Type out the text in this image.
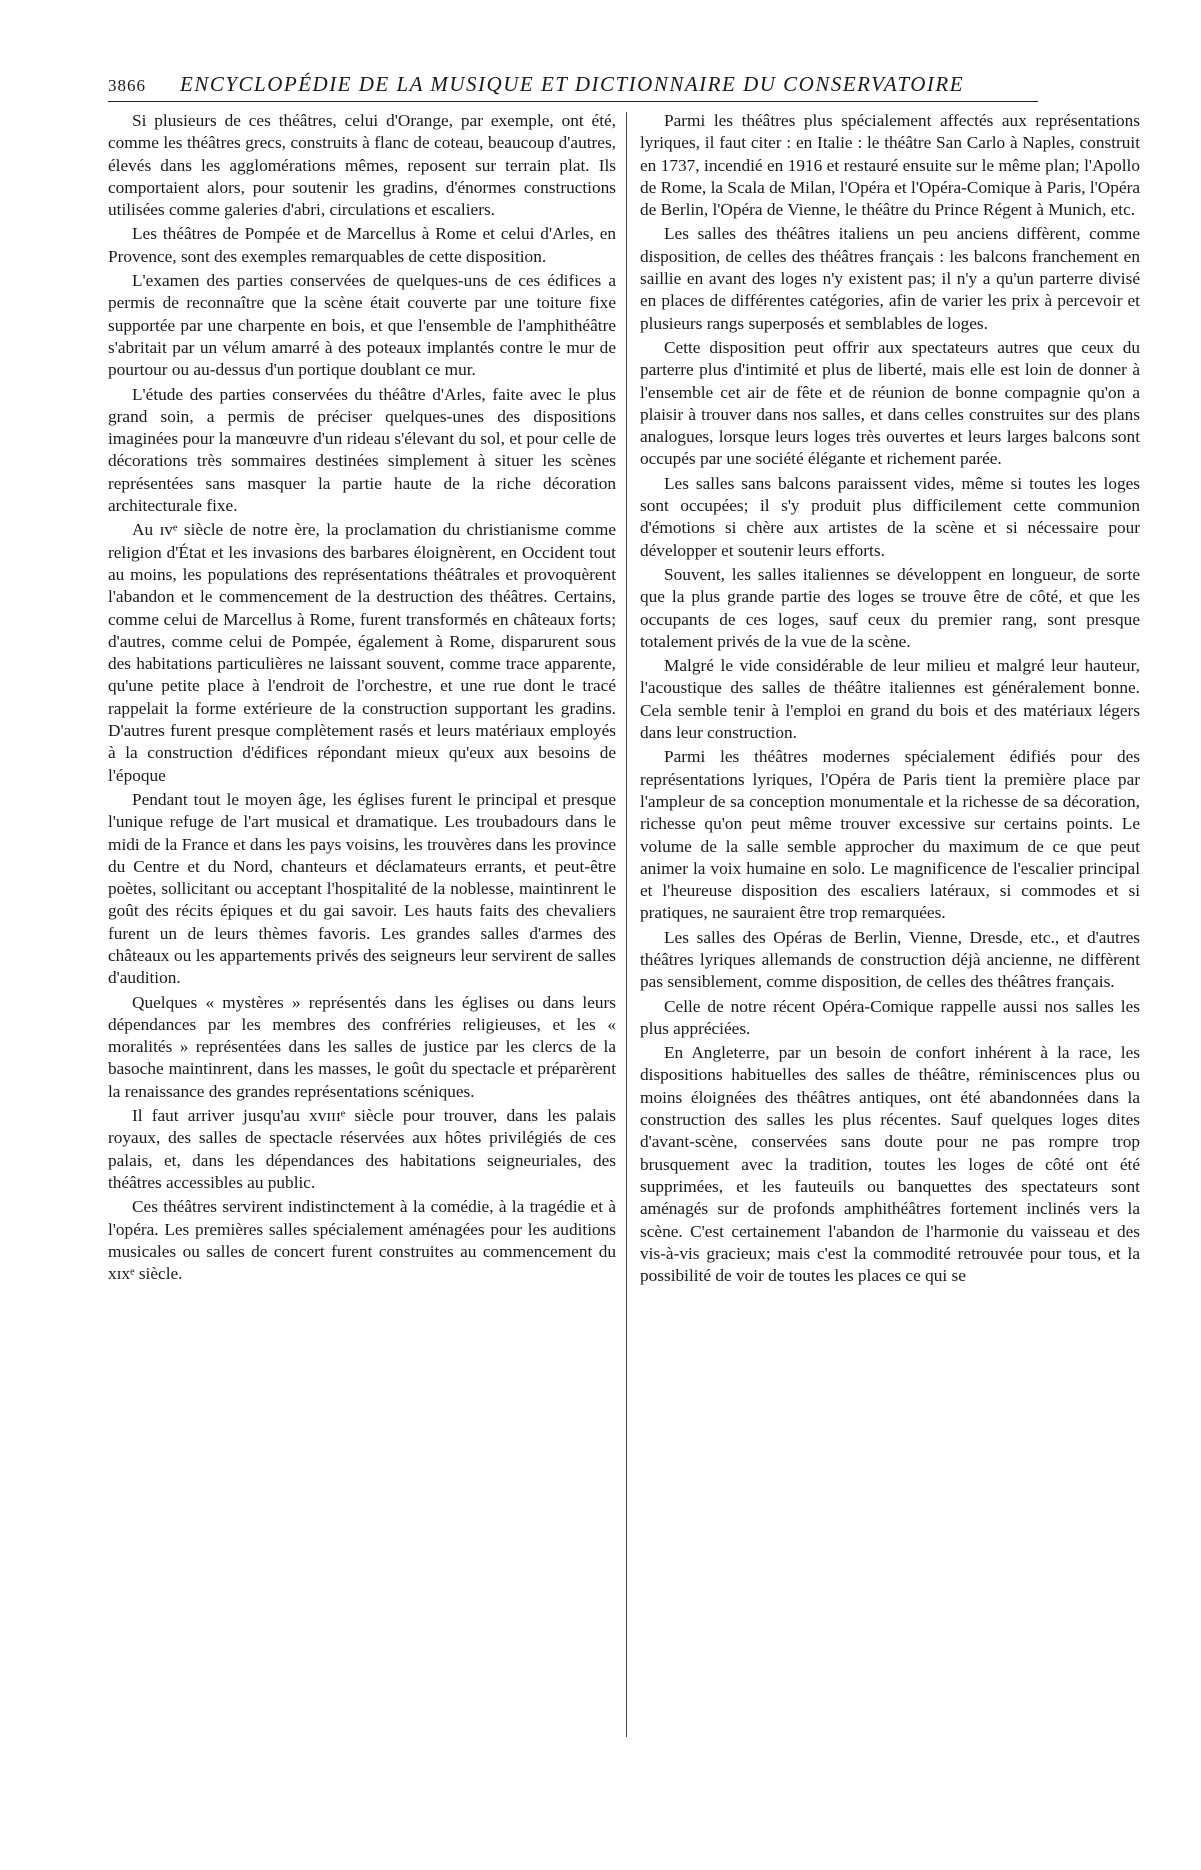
3866 ENCYCLOPÉDIE DE LA MUSIQUE ET DICTIONNAIRE DU CONSERVATOIRE

Si plusieurs de ces théâtres, celui d'Orange, par exemple, ont été, comme les théâtres grecs, construits à flanc de coteau, beaucoup d'autres, élevés dans les agglomérations mêmes, reposent sur terrain plat. Ils comportaient alors, pour soutenir les gradins, d'énormes constructions utilisées comme galeries d'abri, circulations et escaliers.

Les théâtres de Pompée et de Marcellus à Rome et celui d'Arles, en Provence, sont des exemples remarquables de cette disposition.

L'examen des parties conservées de quelques-uns de ces édifices a permis de reconnaître que la scène était couverte par une toiture fixe supportée par une charpente en bois, et que l'ensemble de l'amphithéâtre s'abritait par un vélum amarré à des poteaux implantés contre le mur de pourtour ou au-dessus d'un portique doublant ce mur.

L'étude des parties conservées du théâtre d'Arles, faite avec le plus grand soin, a permis de préciser quelques-unes des dispositions imaginées pour la manœuvre d'un rideau s'élevant du sol, et pour celle de décorations très sommaires destinées simplement à situer les scènes représentées sans masquer la partie haute de la riche décoration architecturale fixe.

Au ɪvᵉ siècle de notre ère, la proclamation du christianisme comme religion d'État et les invasions des barbares éloignèrent, en Occident tout au moins, les populations des représentations théâtrales et provoquèrent l'abandon et le commencement de la destruction des théâtres. Certains, comme celui de Marcellus à Rome, furent transformés en châteaux forts; d'autres, comme celui de Pompée, également à Rome, disparurent sous des habitations particulières ne laissant souvent, comme trace apparente, qu'une petite place à l'endroit de l'orchestre, et une rue dont le tracé rappelait la forme extérieure de la construction supportant les gradins. D'autres furent presque complètement rasés et leurs matériaux employés à la construction d'édifices répondant mieux qu'eux aux besoins de l'époque

Pendant tout le moyen âge, les églises furent le principal et presque l'unique refuge de l'art musical et dramatique. Les troubadours dans le midi de la France et dans les pays voisins, les trouvères dans les province du Centre et du Nord, chanteurs et déclamateurs errants, et peut-être poètes, sollicitant ou acceptant l'hospitalité de la noblesse, maintinrent le goût des récits épiques et du gai savoir. Les hauts faits des chevaliers furent un de leurs thèmes favoris. Les grandes salles d'armes des châteaux ou les appartements privés des seigneurs leur servirent de salles d'audition.

Quelques « mystères » représentés dans les églises ou dans leurs dépendances par les membres des confréries religieuses, et les « moralités » représentées dans les salles de justice par les clercs de la basoche maintinrent, dans les masses, le goût du spectacle et préparèrent la renaissance des grandes représentations scéniques.

Il faut arriver jusqu'au xᴠɪɪɪᵉ siècle pour trouver, dans les palais royaux, des salles de spectacle réservées aux hôtes privilégiés de ces palais, et, dans les dépendances des habitations seigneuriales, des théâtres accessibles au public.

Ces théâtres servirent indistinctement à la comédie, à la tragédie et à l'opéra. Les premières salles spécialement aménagées pour les auditions musicales ou salles de concert furent construites au commencement du xɪxᵉ siècle.

Parmi les théâtres plus spécialement affectés aux représentations lyriques, il faut citer : en Italie : le théâtre San Carlo à Naples, construit en 1737, incendié en 1916 et restauré ensuite sur le même plan; l'Apollo de Rome, la Scala de Milan, l'Opéra et l'Opéra-Comique à Paris, l'Opéra de Berlin, l'Opéra de Vienne, le théâtre du Prince Régent à Munich, etc.

Les salles des théâtres italiens un peu anciens diffèrent, comme disposition, de celles des théâtres français : les balcons franchement en saillie en avant des loges n'y existent pas; il n'y a qu'un parterre divisé en places de différentes catégories, afin de varier les prix à percevoir et plusieurs rangs superposés et semblables de loges.

Cette disposition peut offrir aux spectateurs autres que ceux du parterre plus d'intimité et plus de liberté, mais elle est loin de donner à l'ensemble cet air de fête et de réunion de bonne compagnie qu'on a plaisir à trouver dans nos salles, et dans celles construites sur des plans analogues, lorsque leurs loges très ouvertes et leurs larges balcons sont occupés par une société élégante et richement parée.

Les salles sans balcons paraissent vides, même si toutes les loges sont occupées; il s'y produit plus difficilement cette communion d'émotions si chère aux artistes de la scène et si nécessaire pour développer et soutenir leurs efforts.

Souvent, les salles italiennes se développent en longueur, de sorte que la plus grande partie des loges se trouve être de côté, et que les occupants de ces loges, sauf ceux du premier rang, sont presque totalement privés de la vue de la scène.

Malgré le vide considérable de leur milieu et malgré leur hauteur, l'acoustique des salles de théâtre italiennes est généralement bonne. Cela semble tenir à l'emploi en grand du bois et des matériaux légers dans leur construction.

Parmi les théâtres modernes spécialement édifiés pour des représentations lyriques, l'Opéra de Paris tient la première place par l'ampleur de sa conception monumentale et la richesse de sa décoration, richesse qu'on peut même trouver excessive sur certains points. Le volume de la salle semble approcher du maximum de ce que peut animer la voix humaine en solo. Le magnificence de l'escalier principal et l'heureuse disposition des escaliers latéraux, si commodes et si pratiques, ne sauraient être trop remarquées.

Les salles des Opéras de Berlin, Vienne, Dresde, etc., et d'autres théâtres lyriques allemands de construction déjà ancienne, ne diffèrent pas sensiblement, comme disposition, de celles des théâtres français.

Celle de notre récent Opéra-Comique rappelle aussi nos salles les plus appréciées.

En Angleterre, par un besoin de confort inhérent à la race, les dispositions habituelles des salles de théâtre, réminiscences plus ou moins éloignées des théâtres antiques, ont été abandonnées dans la construction des salles les plus récentes. Sauf quelques loges dites d'avant-scène, conservées sans doute pour ne pas rompre trop brusquement avec la tradition, toutes les loges de côté ont été supprimées, et les fauteuils ou banquettes des spectateurs sont aménagés sur de profonds amphithéâtres fortement inclinés vers la scène. C'est certainement l'abandon de l'harmonie du vaisseau et des vis-à-vis gracieux; mais c'est la commodité retrouvée pour tous, et la possibilité de voir de toutes les places ce qui se
